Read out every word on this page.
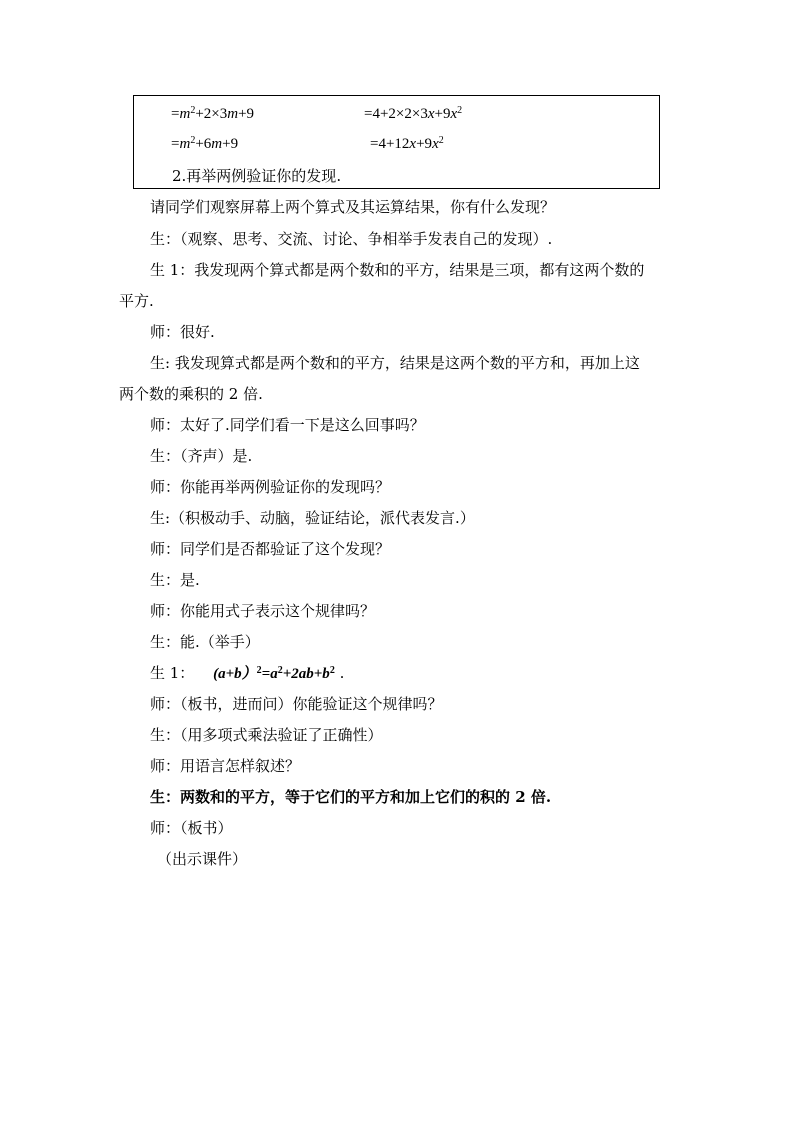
$=m^2+2\times 3m+9$
$=m^2+6m+9$
$=4+2\times 2\times 3x+9x^2$
$=4+12x+9x^2$
2.再举两例验证你的发现.
请同学们观察屏幕上两个算式及其运算结果，你有什么发现？
生：（观察、思考、交流、讨论、争相举手发表自己的发现）.
生 1：我发现两个算式都是两个数和的平方，结果是三项，都有这两个数的
平方.
师：很好.
生: 我发现算式都是两个数和的平方，结果是这两个数的平方和，再加上这
两个数的乘积的 2 倍.
师：太好了.同学们看一下是这么回事吗？
生：（齐声）是.
师：你能再举两例验证你的发现吗？
生:（积极动手、动脑，验证结论，派代表发言.）
师：同学们是否都验证了这个发现？
生：是.
师：你能用式子表示这个规律吗？
生：能.（举手）
生 1： $(a+b)^2=a^2+2ab+b^2$ .
师：（板书，进而问）你能验证这个规律吗？
生：（用多项式乘法验证了正确性）
师：用语言怎样叙述？
生：两数和的平方，等于它们的平方和加上它们的积的 2 倍.
师：（板书）
（出示课件）
